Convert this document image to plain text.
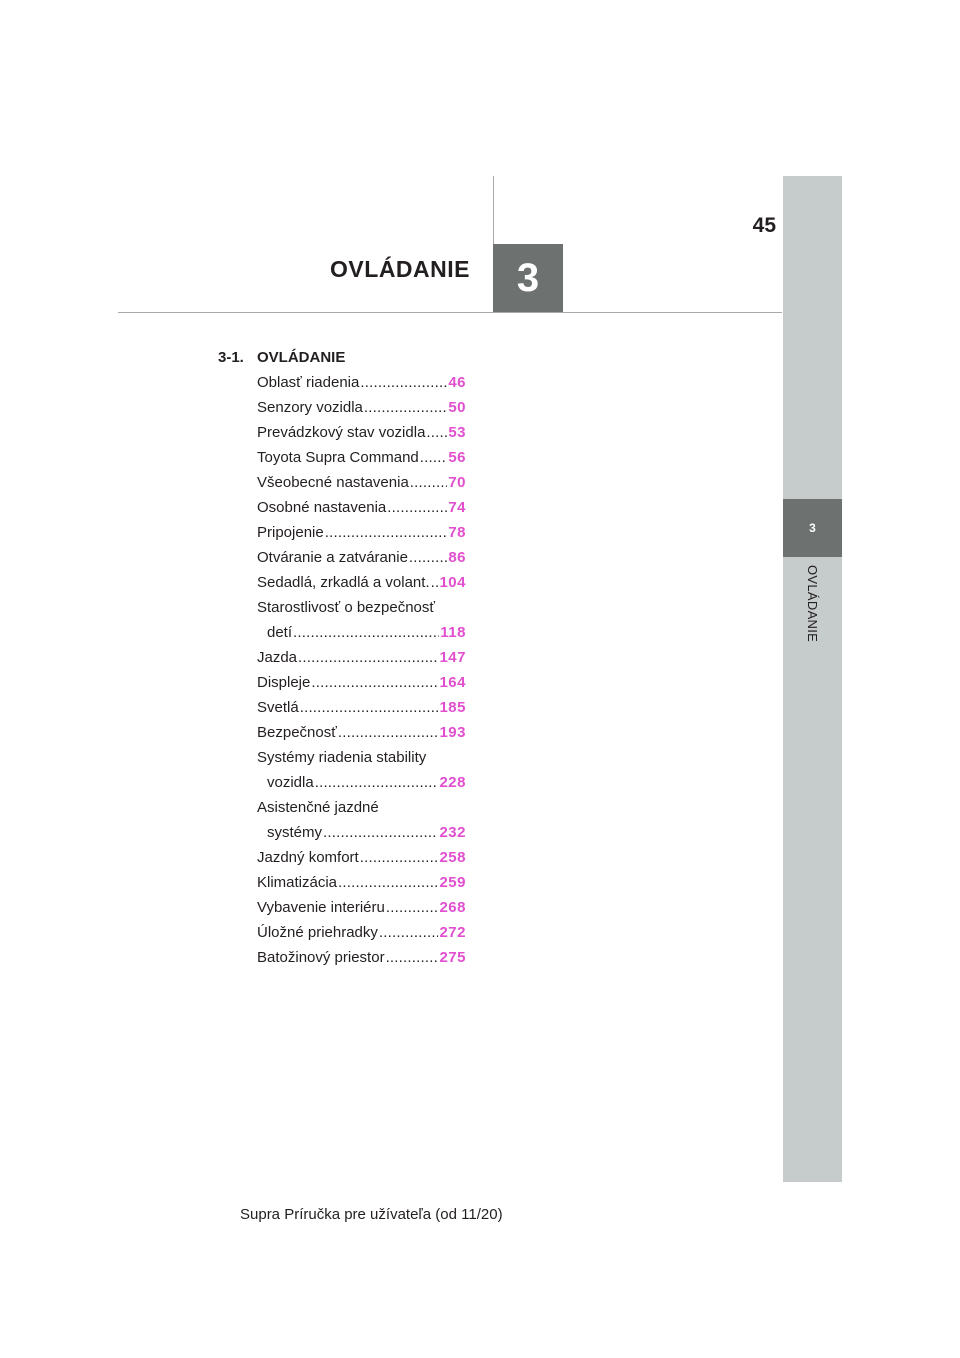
45
OVLÁDANIE	3
3
OVLÁDANIE
3-1. OVLÁDANIE
Oblasť riadenia .....	46
Senzory vozidla .....	50
Prevádzkový stav vozidla ..... 53
Toyota Supra Command ..... 56
Všeobecné nastavenia .....	70
Osobné nastavenia .....	74
Pripojenie .....	78
Otváranie a zatváranie .....	86
Sedadlá, zrkadlá a volant. ..... 104
Starostlivosť o bezpečnosť
detí .....	118
Jazda .....	147
Displeje .....	164
Svetlá .....	185
Bezpečnosť .....	193
Systémy riadenia stability
vozidla .....	228
Asistenčné jazdné
systémy .....	232
Jazdný komfort .....	258
Klimatizácia .....	259
Vybavenie interiéru .....	268
Úložné priehradky .....	272
Batožinový priestor .....	275
Supra Príručka pre užívateľa (od 11/20)
